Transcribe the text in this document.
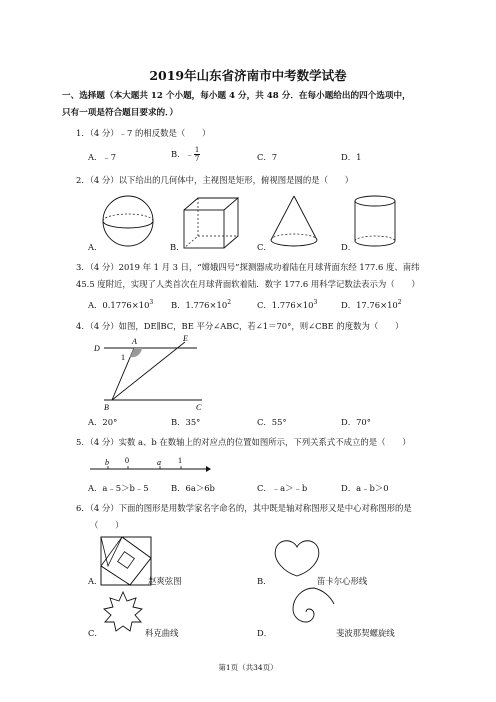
2019年山东省济南市中考数学试卷
一、选择题（本大题共 12 个小题，每小题 4 分，共 48 分．在每小题给出的四个选项中，
只有一项是符合题目要求的．）
1．（4 分）﹣7 的相反数是（　　）
A．﹣7	B．﹣ $\frac{1}{7}$	C．7	D．1
2．（4 分）以下给出的几何体中，主视图是矩形，俯视图是圆的是（　　）
A．	B．	C．	D．
3．（4 分）2019 年 1 月 3 日，“嫦娥四号”探测器成功着陆在月球背面东经 177.6 度、南纬
45.5 度附近，实现了人类首次在月球背面软着陆．数字 177.6 用科学记数法表示为（　　）
A．$0.1776\times 10^3$ B．$1.776\times 10^2$	C．$1.776\times 10^3$	D．$17.76\times 10^2$
4．（4 分）如图，DE∥BC，BE 平分∠ABC，若∠1＝70°，则∠CBE 的度数为（　　）
D
A	E
1
B	C
A．20°	B．35°	C．55°	D．70°
5．（4 分）实数 a、b 在数轴上的对应点的位置如图所示，下列关系式不成立的是（　　）
b 0	a 1
A．a﹣5＞b﹣5	B．6a＞6b	C．﹣a＞﹣b	D．a﹣b＞0
6．（4 分）下面的图形是用数学家名字命名的，其中既是轴对称图形又是中心对称图形的是
（　　）
A．	赵爽弦图	B．	笛卡尔心形线
C．	科克曲线	D．	斐波那契螺旋线
第1页（共34页）
